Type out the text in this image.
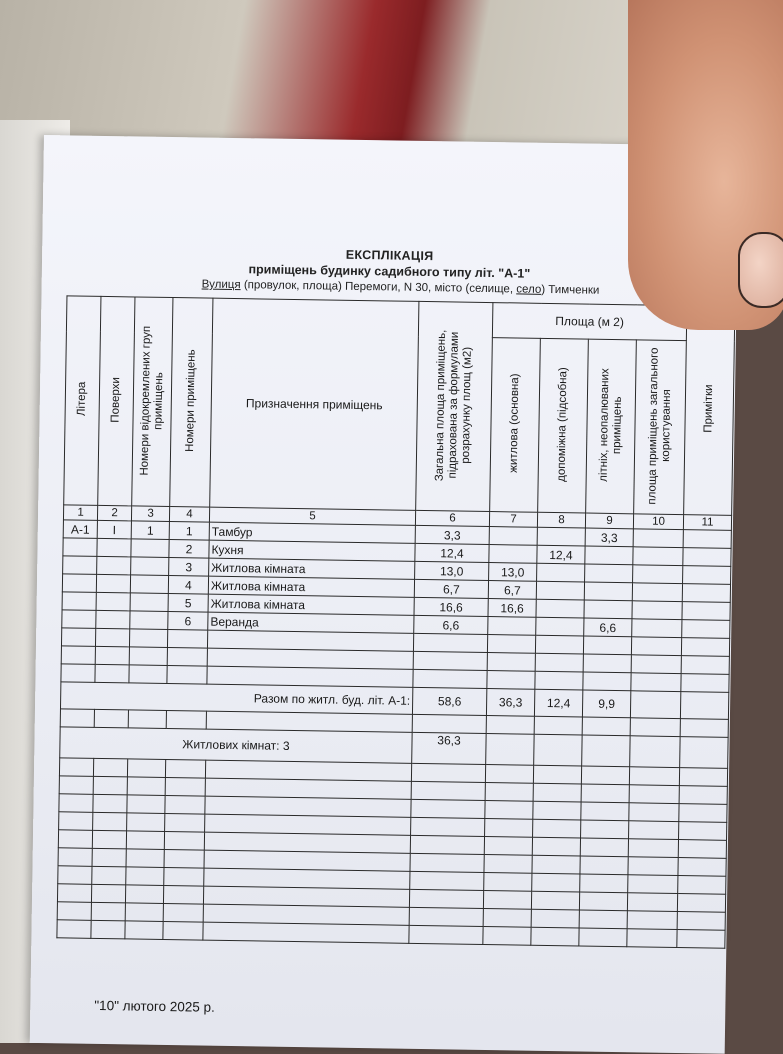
ЕКСПЛІКАЦІЯ
приміщень будинку садибного типу літ. "А-1"
Вулиця (провулок, площа) Перемоги, N 30, місто (селище, село) Тимченки
Літера	Поверхи	Номери відокремлених груп приміщень	Номери приміщень	Призначення приміщень	Загальна площа приміщень, підрахована за формулами розрахунку площ (м2)	Площа (м 2)				Примітки
						житлова (основна)	допоміжна (підсобна)	літніх, неопалюваних приміщень	площа приміщень загального користування	
1	2	3	4	5	6	7	8	9	10	11
А-1	I	1	1	Тамбур	3,3			3,3		
			2	Кухня	12,4		12,4			
			3	Житлова кімната	13,0	13,0				
			4	Житлова кімната	6,7	6,7				
			5	Житлова кімната	16,6	16,6				
			6	Веранда	6,6			6,6		

Разом по житл. буд. літ. А-1:					58,6	36,3	12,4	9,9		

Житлових кімнат: 3					36,3					

"10" лютого 2025 р.
